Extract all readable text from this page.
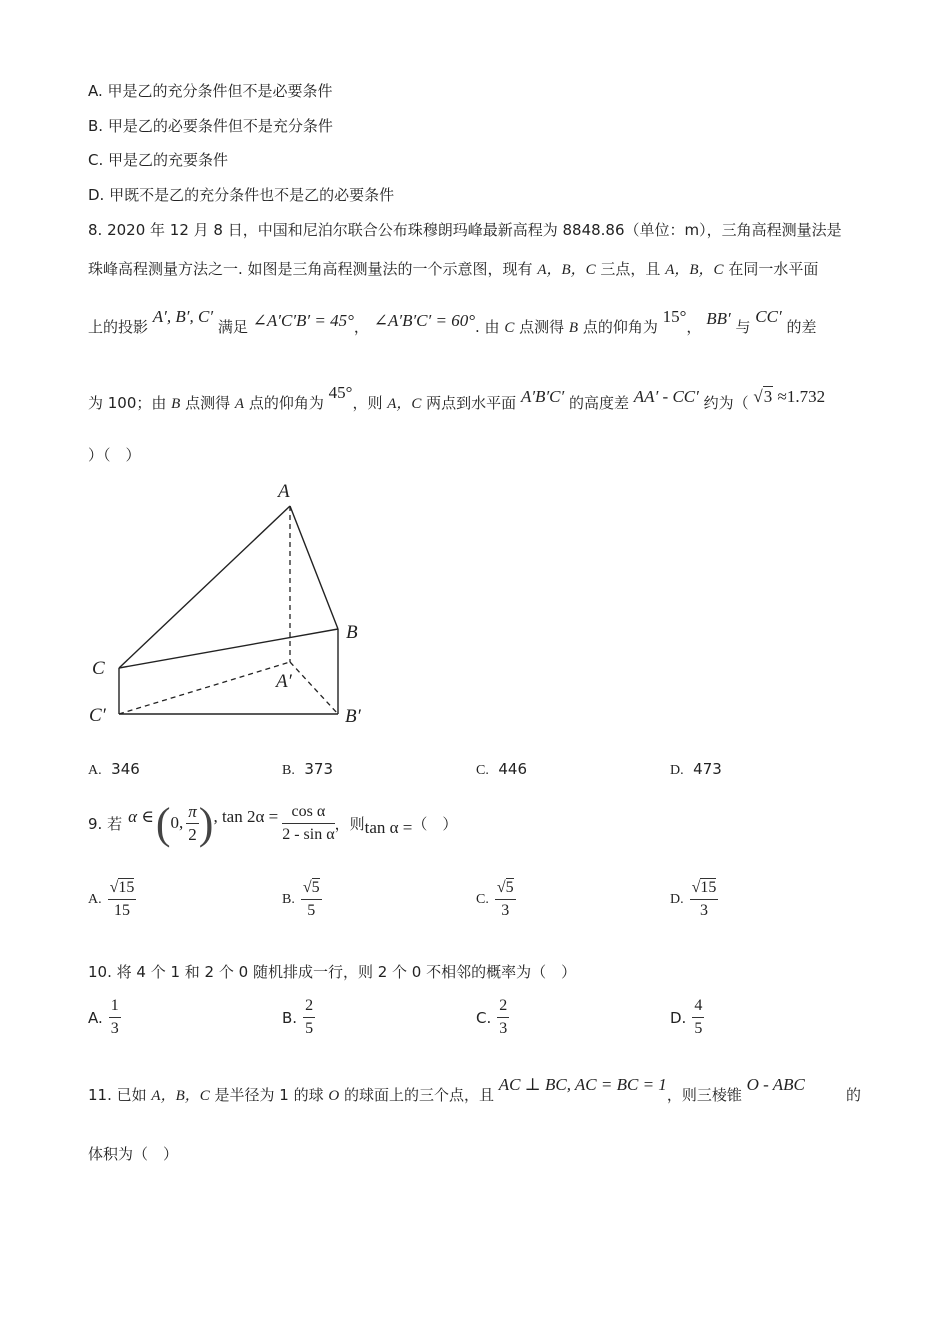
A. 甲是乙的充分条件但不是必要条件
B. 甲是乙的必要条件但不是充分条件
C. 甲是乙的充要条件
D. 甲既不是乙的充分条件也不是乙的必要条件
8. 2020 年 12 月 8 日，中国和尼泊尔联合公布珠穆朗玛峰最新高程为 8848.86（单位：m），三角高程测量法是
珠峰高程测量方法之一. 如图是三角高程测量法的一个示意图，现有 A，B，C 三点，且 A，B，C 在同一水平面
上的投影 A′, B′, C′ 满足 ∠A′C′B′ = 45°， ∠A′B′C′ = 60°. 由 C 点测得 B 点的仰角为 15°， BB′ 与 CC′ 的差
为 100；由 B 点测得 A 点的仰角为 45°，则 A，C 两点到水平面 A′B′C′ 的高度差 AA′ - CC′ 约为（ √3 ≈1.732
）（　）
A
B
C
A′
B′
C′
A. 346	B. 373	C. 446	D. 473
9. 若 α ∈ ( 0, $\frac{\pi}{2}$ ) , $\tan 2\alpha = \frac{\text{cos α}}{\text{2 - sin α}}$ ，则 tan α = （　）
A. $\frac{√15}{15}$	B. $\frac{√5}{5}$	C. $\frac{√5}{3}$	D. $\frac{√15}{3}$
10. 将 4 个 1 和 2 个 0 随机排成一行，则 2 个 0 不相邻的概率为（　）
A. $\frac{1}{3}$	B. $\frac{2}{5}$	C. $\frac{2}{3}$	D. $\frac{4}{5}$
11. 已如 A，B，C 是半径为 1 的球 O 的球面上的三个点，且 AC ⊥ BC, AC = BC = 1，则三棱锥 O - ABC
的
体积为（　）
